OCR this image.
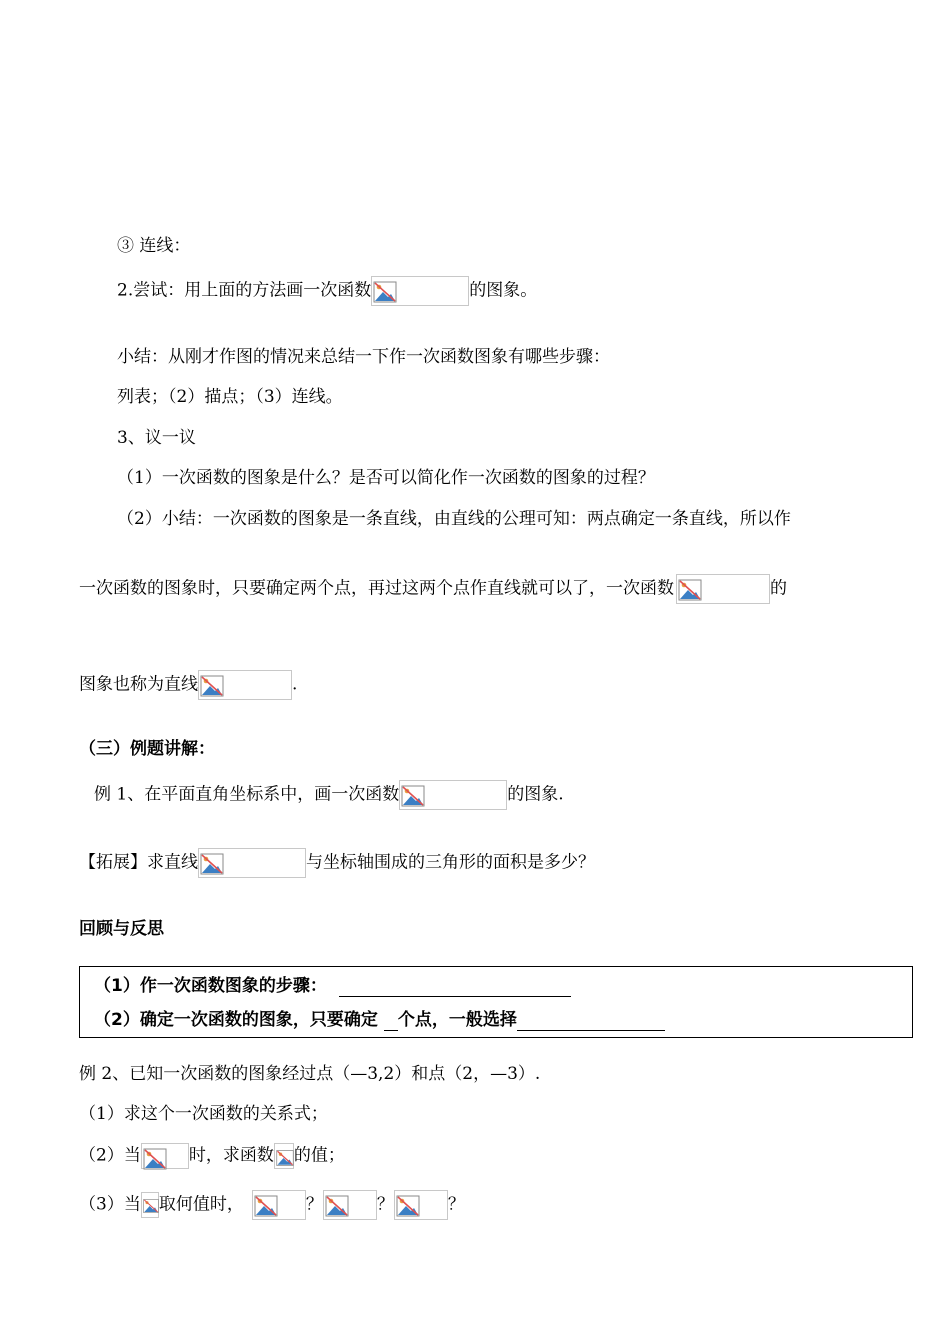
③ 连线：
2.尝试：用上面的方法画一次函数	的图象。
小结：从刚才作图的情况来总结一下作一次函数图象有哪些步骤：
列表；（2）描点；（3）连线。
3、议一议
（1）一次函数的图象是什么？是否可以简化作一次函数的图象的过程？
（2）小结：一次函数的图象是一条直线，由直线的公理可知：两点确定一条直线，所以作
一次函数的图象时，只要确定两个点，再过这两个点作直线就可以了，一次函数	的
图象也称为直线	.
（三）例题讲解：
例 1、在平面直角坐标系中，画一次函数	的图象.
【拓展】求直线	与坐标轴围成的三角形的面积是多少？
回顾与反思
（1）作一次函数图象的步骤：
（2）确定一次函数的图象，只要确定 个点，一般选择
例 2、已知一次函数的图象经过点（—3,2）和点（2，—3）.
（1）求这个一次函数的关系式；
（2）当	时，求函数 的值；
（3）当 取何值时，	？	？	？
